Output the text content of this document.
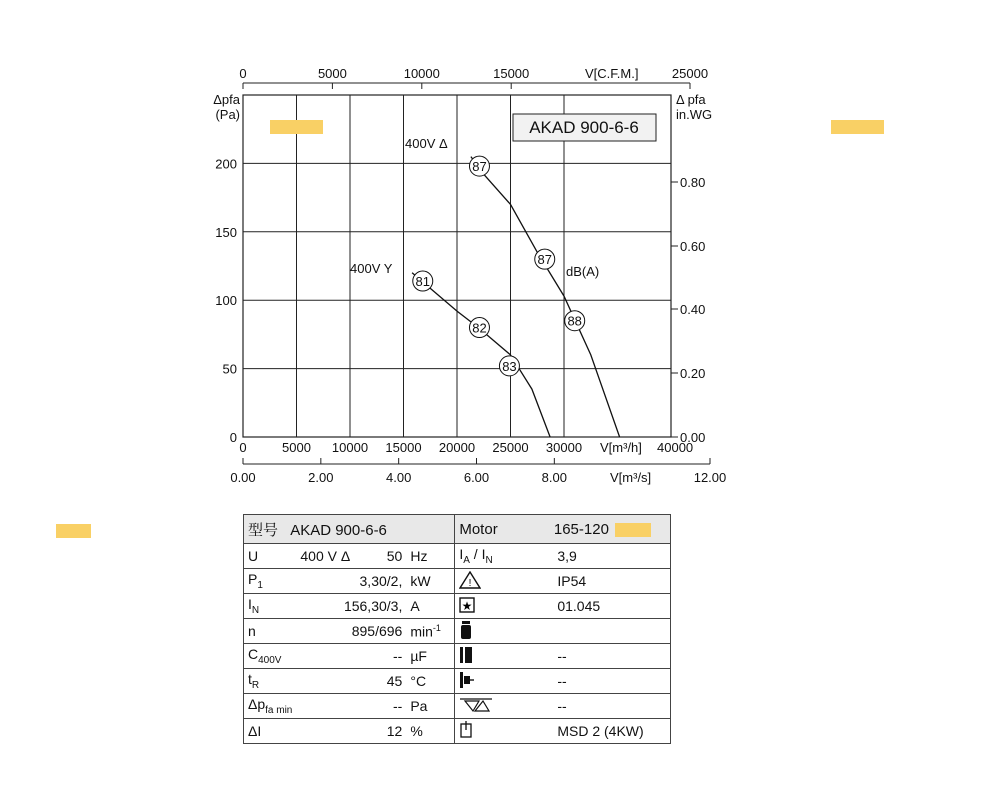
0
50
100
150
200
Δpfa
(Pa)
0.00
0.20
0.40
0.60
0.80
Δ pfa
in.WG
0	5000 10000 15000 20000 25000 30000 V[m³/h] 40000
0	5000	10000	15000	V[C.F.M.]	25000
0.00	2.00	4.00	6.00	8.00	12.00
V[m³/s]
87
87
88
81
82
83
AKAD 900-6-6
400V Δ
400V Y	dB(A)
型号 AKAD 900-6-6			Motor 165-120	
U	400 V Δ 50	Hz	$I_A / I_N$	3,9
$P_1$	3,30/2,	kW	!	IP54
$I_N$	156,30/3,	A	★	01.045
n	895/696	$\min^{-1}$		
$C_{400V}$	--	µF		--
$t_R$	45	°C		--
$\Delta p_{fa min}$	--	Pa		--
ΔI	12	%		MSD 2 (4KW)
